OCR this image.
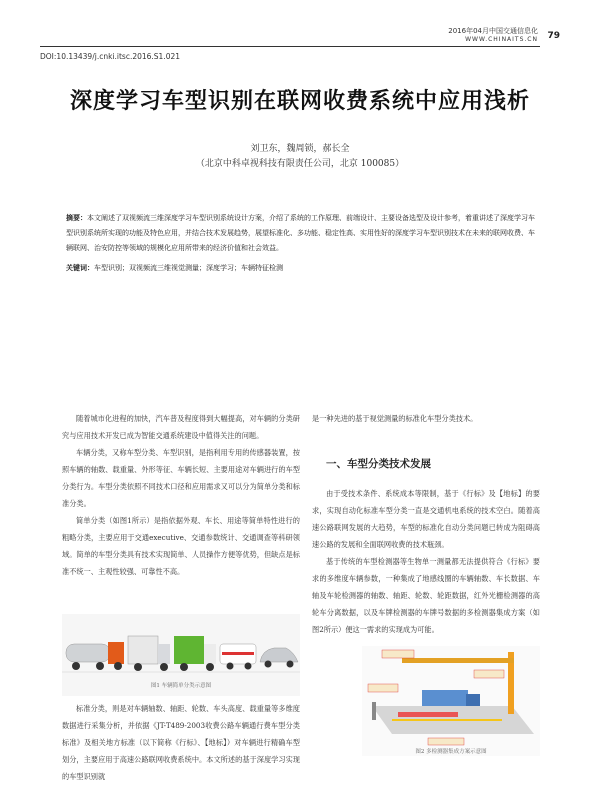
2016年04月中国交通信息化
WWW.CHINAITS.CN 79
DOI:10.13439/j.cnki.itsc.2016.S1.021
深度学习车型识别在联网收费系统中应用浅析
刘卫东，魏周锁，郝长全
（北京中科卓视科技有限责任公司，北京 100085）
摘要：本文阐述了双视频流三维深度学习车型识别系统设计方案，介绍了系统的工作原理、前端设计、主要设备选型及设计参考，着重讲述了深度学习车型识别系统所实现的功能及特色应用，并结合技术发展趋势，展望标准化、多功能、稳定性高、实用性好的深度学习车型识别技术在未来的联网收费、车辆联网、治安防控等领域的规模化应用所带来的经济价值和社会效益。
关键词：车型识别；双视频流三维视觉测量；深度学习；车辆特征检测

随着城市化进程的加快，汽车普及程度得到大幅提高，对车辆的分类研究与应用技术开发已成为智能交通系统建设中值得关注的问题。

车辆分类，又称车型分类、车型识别，是指利用专用的传感器装置，按照车辆的轴数、载重量、外形等征、车辆长短、主要用途对车辆进行的车型分类行为。车型分类依照不同技术口径和应用需求又可以分为简单分类和标准分类。

简单分类（如图1所示）是指依据外观、车长、用途等简单特性进行的粗略分类，主要应用于交通executive、交通参数统计、交通调查等科研领域。简单的车型分类具有技术实现简单、人员操作方便等优势，但缺点是标准不统一、主观性较强、可靠性不高。

图1 车辆简单分类示意图

标准分类，则是对车辆轴数、轴距、轮数、车头高度、载重量等多维度数据进行采集分析，并依据《JT-T489-2003收费公路车辆通行费车型分类标准》及相关地方标准（以下简称《行标》、【地标】）对车辆进行精确车型划分，主要应用于高速公路联网收费系统中。本文所述的基于深度学习实现的车型识别就

是一种先进的基于视觉测量的标准化车型分类技术。

一、车型分类技术发展

由于受技术条件、系统成本等限制，基于《行标》及【地标】的要求，实现自动化标准车型分类一直是交通机电系统的技术空白。随着高速公路联网发展的大趋势，车型的标准化自动分类问题已转成为阻碍高速公路的发展和全面联网收费的技术瓶颈。

基于传统的车型检测器等生物单一测量都无法提供符合《行标》要求的多维度车辆参数，一种集成了地感线圈的车辆轴数、车长数据、车轴及车轮检测器的轴数、轴距、轮数、轮距数据，红外光栅检测器的高轮车分离数据，以及车牌检测器的车牌号数据的多检测器集成方案（如图2所示）便这一需求的实现成为可能。

图2 多检测器集成方案示意图
